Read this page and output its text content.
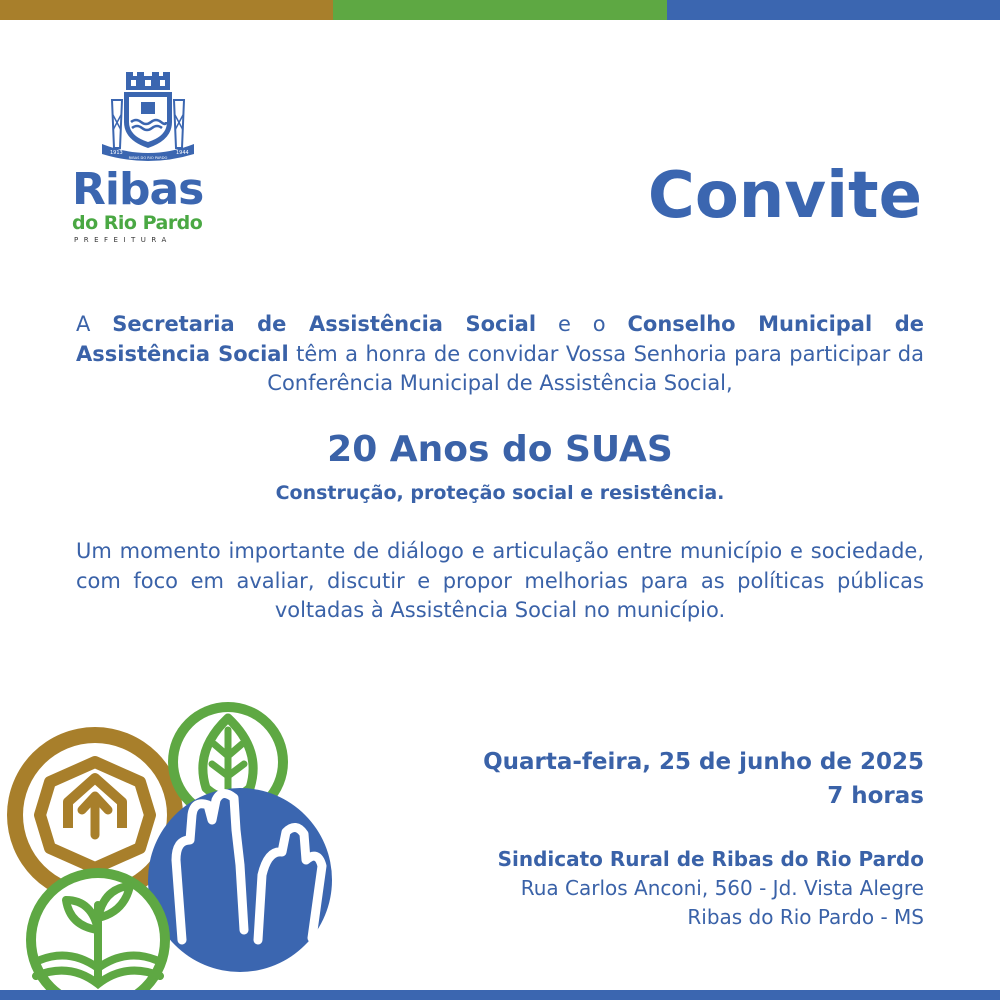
1913
RIBAS DO RIO PARDO
1944
Ribas
do Rio Pardo
PREFEITURA
Convite
A Secretaria de Assistência Social e o Conselho Municipal de Assistência Social têm a honra de convidar Vossa Senhoria para participar da Conferência Municipal de Assistência Social,
20 Anos do SUAS
Construção, proteção social e resistência.
Um momento importante de diálogo e articulação entre município e sociedade, com foco em avaliar, discutir e propor melhorias para as políticas públicas voltadas à Assistência Social no município.
Quarta-feira, 25 de junho de 2025
7 horas
Sindicato Rural de Ribas do Rio Pardo
Rua Carlos Anconi, 560 - Jd. Vista Alegre
Ribas do Rio Pardo - MS
